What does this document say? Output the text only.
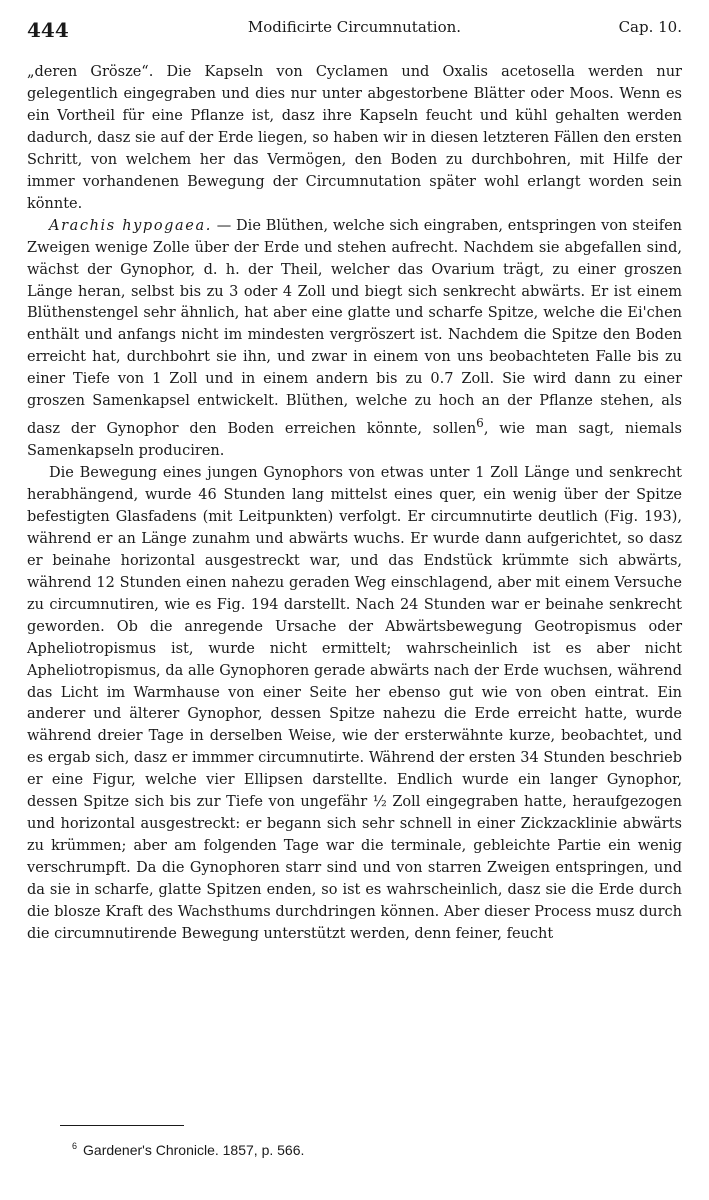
444	Modificirte Circumnutation.	Cap. 10.

„deren Grösze“. Die Kapseln von Cyclamen und Oxalis acetosella werden nur gelegentlich eingegraben und dies nur unter abgestorbene Blätter oder Moos. Wenn es ein Vortheil für eine Pflanze ist, dasz ihre Kapseln feucht und kühl gehalten werden dadurch, dasz sie auf der Erde liegen, so haben wir in diesen letzteren Fällen den ersten Schritt, von welchem her das Vermögen, den Boden zu durchbohren, mit Hilfe der immer vorhandenen Bewegung der Circumnutation später wohl erlangt worden sein könnte.

Arachis hypogaea. — Die Blüthen, welche sich eingraben, entspringen von steifen Zweigen wenige Zolle über der Erde und stehen aufrecht. Nachdem sie abgefallen sind, wächst der Gynophor, d. h. der Theil, welcher das Ovarium trägt, zu einer groszen Länge heran, selbst bis zu 3 oder 4 Zoll und biegt sich senkrecht abwärts. Er ist einem Blüthenstengel sehr ähnlich, hat aber eine glatte und scharfe Spitze, welche die Ei'chen enthält und anfangs nicht im mindesten vergröszert ist. Nachdem die Spitze den Boden erreicht hat, durchbohrt sie ihn, und zwar in einem von uns beobachteten Falle bis zu einer Tiefe von 1 Zoll und in einem andern bis zu 0.7 Zoll. Sie wird dann zu einer groszen Samenkapsel entwickelt. Blüthen, welche zu hoch an der Pflanze stehen, als dasz der Gynophor den Boden erreichen könnte, sollen$^6$, wie man sagt, niemals Samenkapseln produciren.

Die Bewegung eines jungen Gynophors von etwas unter 1 Zoll Länge und senkrecht herabhängend, wurde 46 Stunden lang mittelst eines quer, ein wenig über der Spitze befestigten Glasfadens (mit Leitpunkten) verfolgt. Er circumnutirte deutlich (Fig. 193), während er an Länge zunahm und abwärts wuchs. Er wurde dann aufgerichtet, so dasz er beinahe horizontal ausgestreckt war, und das Endstück krümmte sich abwärts, während 12 Stunden einen nahezu geraden Weg einschlagend, aber mit einem Versuche zu circumnutiren, wie es Fig. 194 darstellt. Nach 24 Stunden war er beinahe senkrecht geworden. Ob die anregende Ursache der Abwärtsbewegung Geotropismus oder Apheliotropismus ist, wurde nicht ermittelt; wahrscheinlich ist es aber nicht Apheliotropismus, da alle Gynophoren gerade abwärts nach der Erde wuchsen, während das Licht im Warmhause von einer Seite her ebenso gut wie von oben eintrat. Ein anderer und älterer Gynophor, dessen Spitze nahezu die Erde erreicht hatte, wurde während dreier Tage in derselben Weise, wie der ersterwähnte kurze, beobachtet, und es ergab sich, dasz er immmer circumnutirte. Während der ersten 34 Stunden beschrieb er eine Figur, welche vier Ellipsen darstellte. Endlich wurde ein langer Gynophor, dessen Spitze sich bis zur Tiefe von ungefähr ½ Zoll eingegraben hatte, heraufgezogen und horizontal ausgestreckt: er begann sich sehr schnell in einer Zickzacklinie abwärts zu krümmen; aber am folgenden Tage war die terminale, gebleichte Partie ein wenig verschrumpft. Da die Gynophoren starr sind und von starren Zweigen entspringen, und da sie in scharfe, glatte Spitzen enden, so ist es wahrscheinlich, dasz sie die Erde durch die blosze Kraft des Wachsthums durchdringen können. Aber dieser Process musz durch die circumnutirende Bewegung unterstützt werden, denn feiner, feucht

$^6$ Gardener's Chronicle. 1857, p. 566.
